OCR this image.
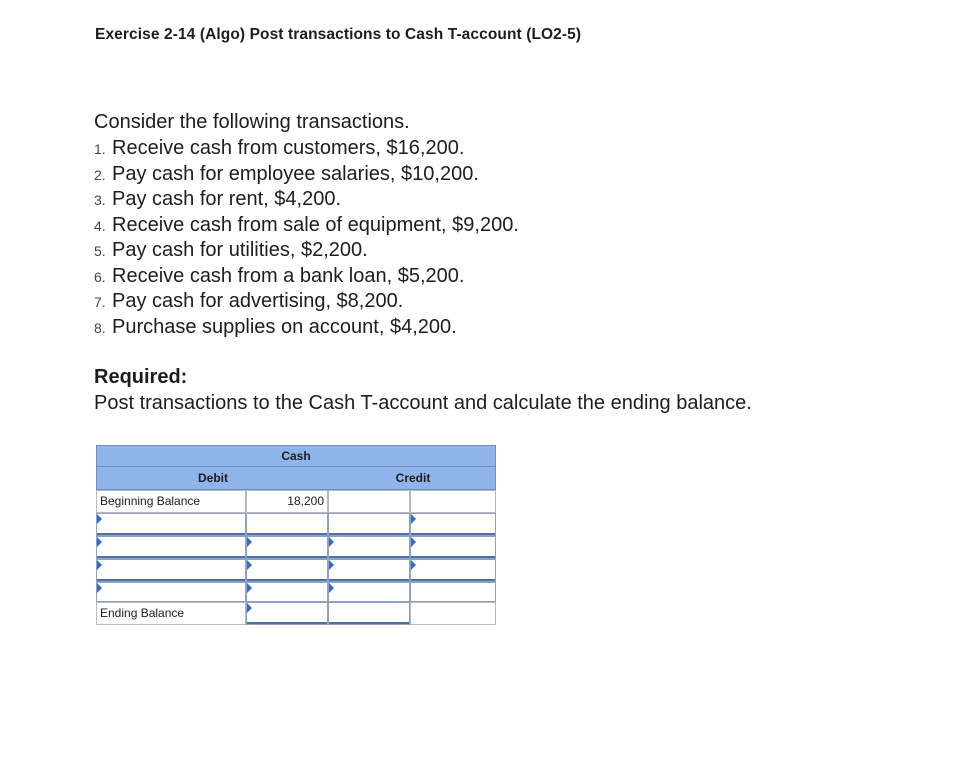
Exercise 2-14 (Algo) Post transactions to Cash T-account (LO2-5)
Consider the following transactions.
1. Receive cash from customers, $16,200.
2. Pay cash for employee salaries, $10,200.
3. Pay cash for rent, $4,200.
4. Receive cash from sale of equipment, $9,200.
5. Pay cash for utilities, $2,200.
6. Receive cash from a bank loan, $5,200.
7. Pay cash for advertising, $8,200.
8. Purchase supplies on account, $4,200.
Required:
Post transactions to the Cash T-account and calculate the ending balance.
Cash
Debit	Credit
Beginning Balance	18,200
Ending Balance
